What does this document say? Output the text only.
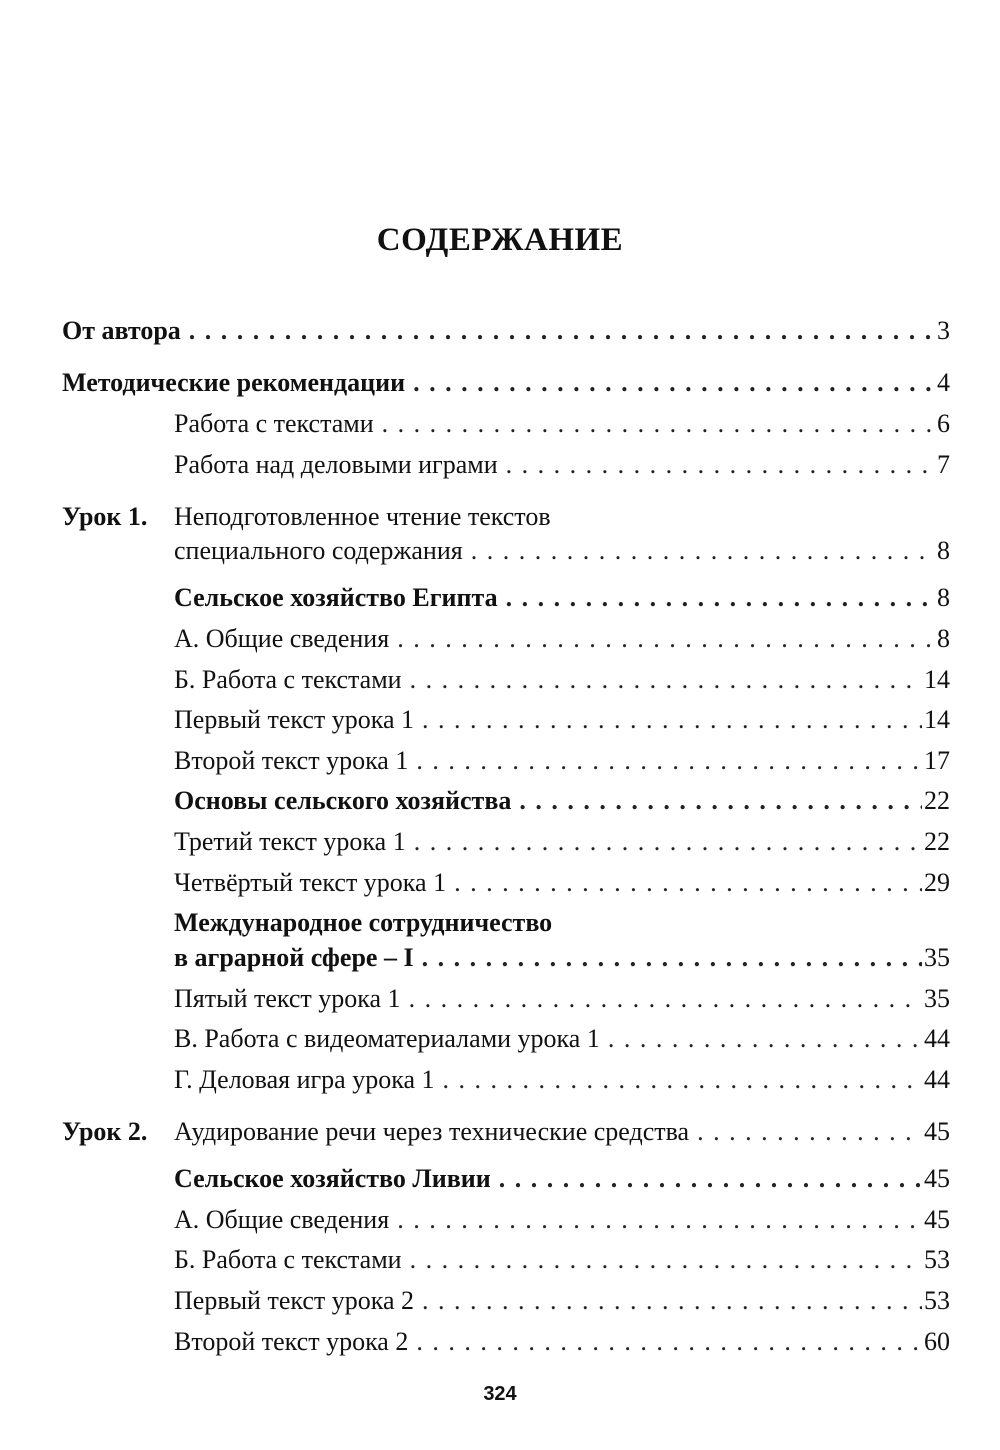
СОДЕРЖАНИЕ
От автора . . .	3
Методические рекомендации . . .	4
Работа с текстами . . .	6
Работа над деловыми играми . . .	7
Урок 1. Неподготовленное чтение текстов
специального содержания . . .	8
Сельское хозяйство Египта . . .	8
А. Общие сведения . . .	8
Б. Работа с текстами . . .	14
Первый текст урока 1 . . .	14
Второй текст урока 1 . . .	17
Основы сельского хозяйства . . .	22
Третий текст урока 1 . . .	22
Четвёртый текст урока 1 . . .	29
Международное сотрудничество
в аграрной сфере – I . . .	35
Пятый текст урока 1 . . .	35
В. Работа с видеоматериалами урока 1 . . .	44
Г. Деловая игра урока 1 . . .	44
Урок 2. Аудирование речи через технические средства . . .	45
Сельское хозяйство Ливии . . .	45
А. Общие сведения . . .	45
Б. Работа с текстами . . .	53
Первый текст урока 2 . . .	53
Второй текст урока 2 . . .	60
324
